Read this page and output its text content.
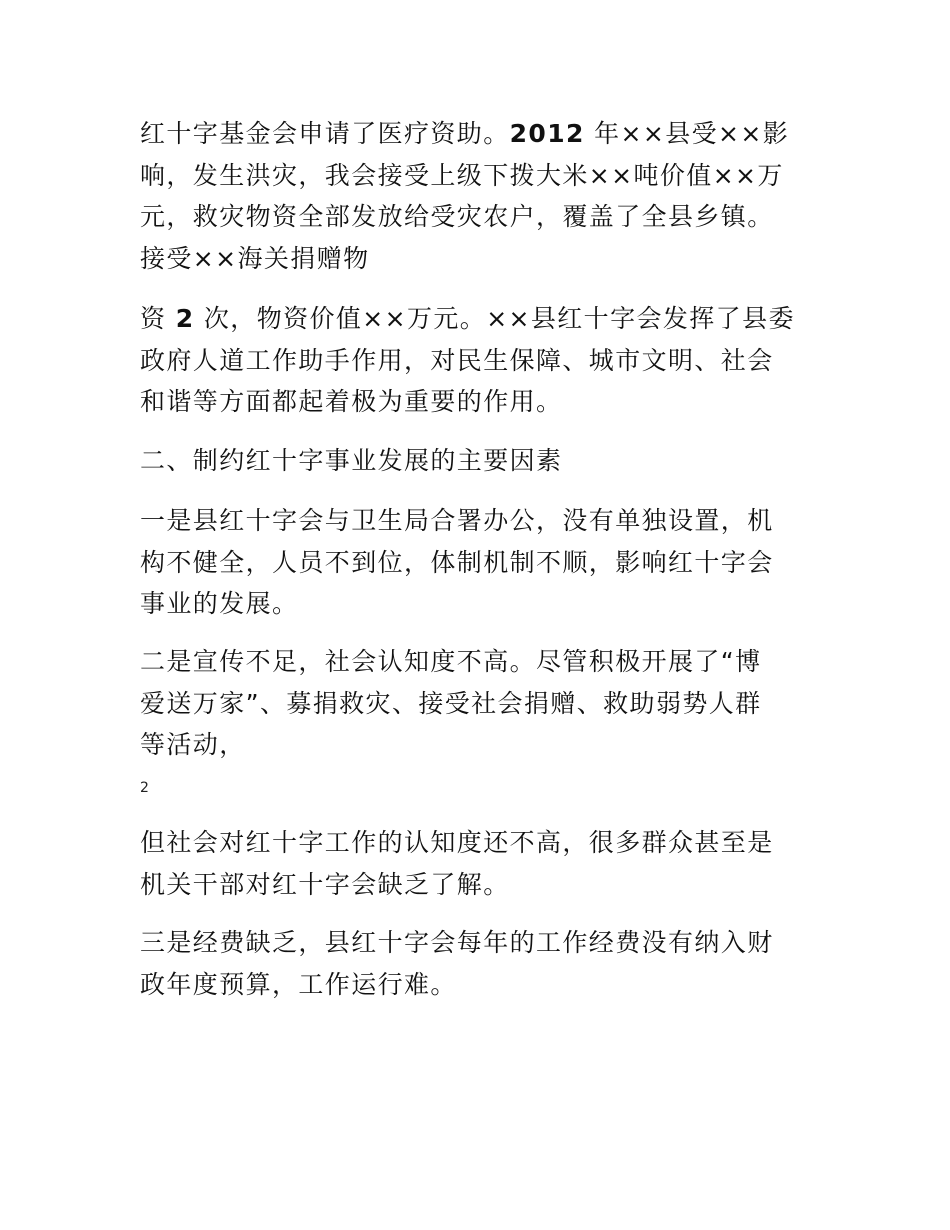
红十字基金会申请了医疗资助。2012 年××县受××影
响，发生洪灾，我会接受上级下拨大米××吨价值××万
元，救灾物资全部发放给受灾农户，覆盖了全县乡镇。
接受××海关捐赠物

资 2 次，物资价值××万元。××县红十字会发挥了县委
政府人道工作助手作用，对民生保障、城市文明、社会
和谐等方面都起着极为重要的作用。

二、制约红十字事业发展的主要因素

一是县红十字会与卫生局合署办公，没有单独设置，机
构不健全，人员不到位，体制机制不顺，影响红十字会
事业的发展。

二是宣传不足，社会认知度不高。尽管积极开展了“博
爱送万家”、募捐救灾、接受社会捐赠、救助弱势人群
等活动，

2

但社会对红十字工作的认知度还不高，很多群众甚至是
机关干部对红十字会缺乏了解。

三是经费缺乏，县红十字会每年的工作经费没有纳入财
政年度预算，工作运行难。
